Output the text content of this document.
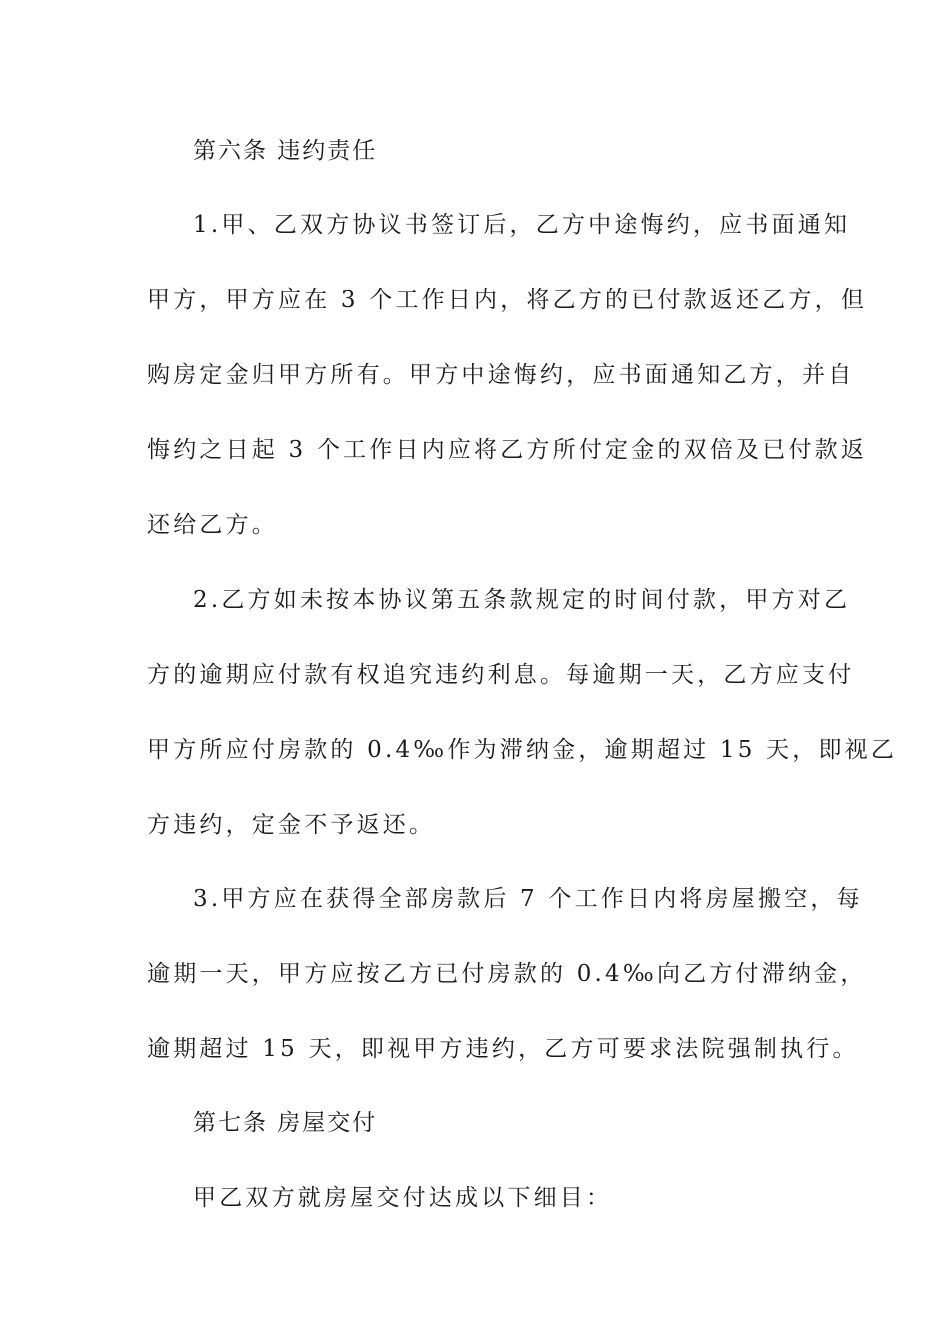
第六条 违约责任
1.甲、乙双方协议书签订后，乙方中途悔约，应书面通知
甲方，甲方应在 3 个工作日内，将乙方的已付款返还乙方，但
购房定金归甲方所有。甲方中途悔约，应书面通知乙方，并自
悔约之日起 3 个工作日内应将乙方所付定金的双倍及已付款返
还给乙方。
2.乙方如未按本协议第五条款规定的时间付款，甲方对乙
方的逾期应付款有权追究违约利息。每逾期一天，乙方应支付
甲方所应付房款的 0.4‰作为滞纳金，逾期超过 15 天，即视乙
方违约，定金不予返还。
3.甲方应在获得全部房款后 7 个工作日内将房屋搬空，每
逾期一天，甲方应按乙方已付房款的 0.4‰向乙方付滞纳金，
逾期超过 15 天，即视甲方违约，乙方可要求法院强制执行。
第七条 房屋交付
甲乙双方就房屋交付达成以下细目：
